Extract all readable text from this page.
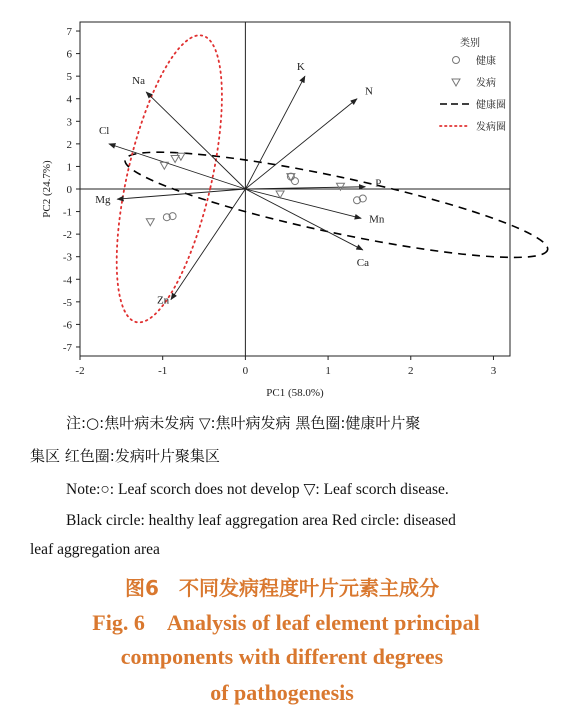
-2	-1	0	1	2	3
-7
-6
-5
-4
-3
-2
-1
0
1
2
3
4
5
6
7
PC1 (58.0%)
PC2 (24.7%)
K
N
Na
Cl
Mg
Zn
P
Mn
Ca
类别
健康
发病
健康圈
发病圈
注:○:焦叶病未发病 ▽:焦叶病发病 黑色圈:健康叶片聚
集区 红色圈:发病叶片聚集区
Note:○: Leaf scorch does not develop ▽: Leaf scorch disease.
Black circle: healthy leaf aggregation area Red circle: diseased
leaf aggregation area
图6　不同发病程度叶片元素主成分
Fig. 6　Analysis of leaf element principal
components with different degrees
of pathogenesis
